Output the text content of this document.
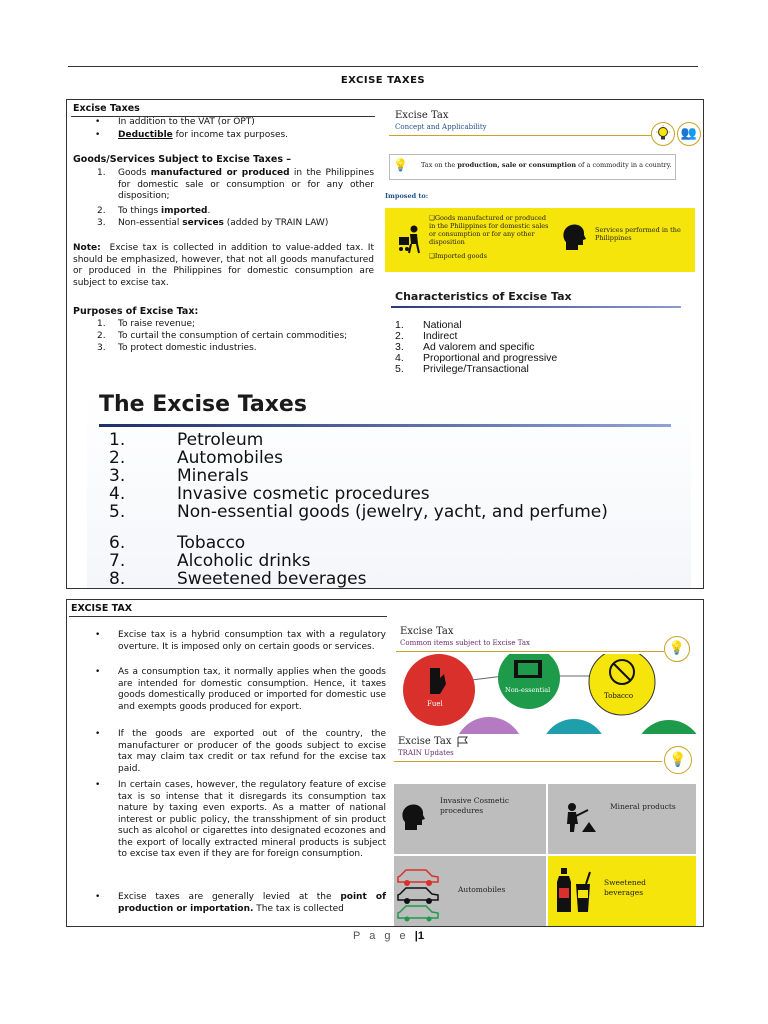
EXCISE TAXES
Excise Taxes
•	In addition to the VAT (or OPT)
•	Deductible for income tax purposes.
Goods/Services Subject to Excise Taxes –
1. Goods manufactured or produced in the Philippines for domestic sale or consumption or for any other disposition;
2. To things imported.
3. Non-essential services (added by TRAIN LAW)
Note: Excise tax is collected in addition to value-added tax. It should be emphasized, however, that not all goods manufactured or produced in the Philippines for domestic consumption are subject to excise tax.
Purposes of Excise Tax:
1. To raise revenue;
2. To curtail the consumption of certain commodities;
3. To protect domestic industries.
Excise Tax
Concept and Applicability	👥
💡 Tax on the production, sale or consumption of a commodity in a country.
Imposed to:
❑Goods manufactured or produced in the Philippines for domestic sales or consumption or for any other disposition
❑Imported goods
Services performed in the Philippines
Characteristics of Excise Tax
1. National
2. Indirect
3. Ad valorem and specific
4. Proportional and progressive
5. Privilege/Transactional
The Excise Taxes
1.	Petroleum
2.	Automobiles
3.	Minerals
4.	Invasive cosmetic procedures
5.	Non-essential goods (jewelry, yacht, and perfume)
6.	Tobacco
7.	Alcoholic drinks
8.	Sweetened beverages
EXCISE TAX
•	Excise tax is a hybrid consumption tax with a regulatory overture. It is imposed only on certain goods or services.
•	As a consumption tax, it normally applies when the goods are intended for domestic consumption. Hence, it taxes goods domestically produced or imported for domestic use and exempts goods produced for export.
•	If the goods are exported out of the country, the manufacturer or producer of the goods subject to excise tax may claim tax credit or tax refund for the excise tax paid.
•	In certain cases, however, the regulatory feature of excise tax is so intense that it disregards its consumption tax nature by taxing even exports. As a matter of national interest or public policy, the transshipment of sin product such as alcohol or cigarettes into designated ecozones and the export of locally extracted mineral products is subject to excise tax even if they are for foreign consumption.
•	Excise taxes are generally levied at the point of production or importation. The tax is collected
Excise Tax
Common items subject to Excise Tax	💡
Fuel
Non-essential
Tobacco
Excise Tax
TRAIN Updates	💡
Invasive Cosmetic procedures	Mineral products
Automobiles
Sweetened beverages
P a g e |1
